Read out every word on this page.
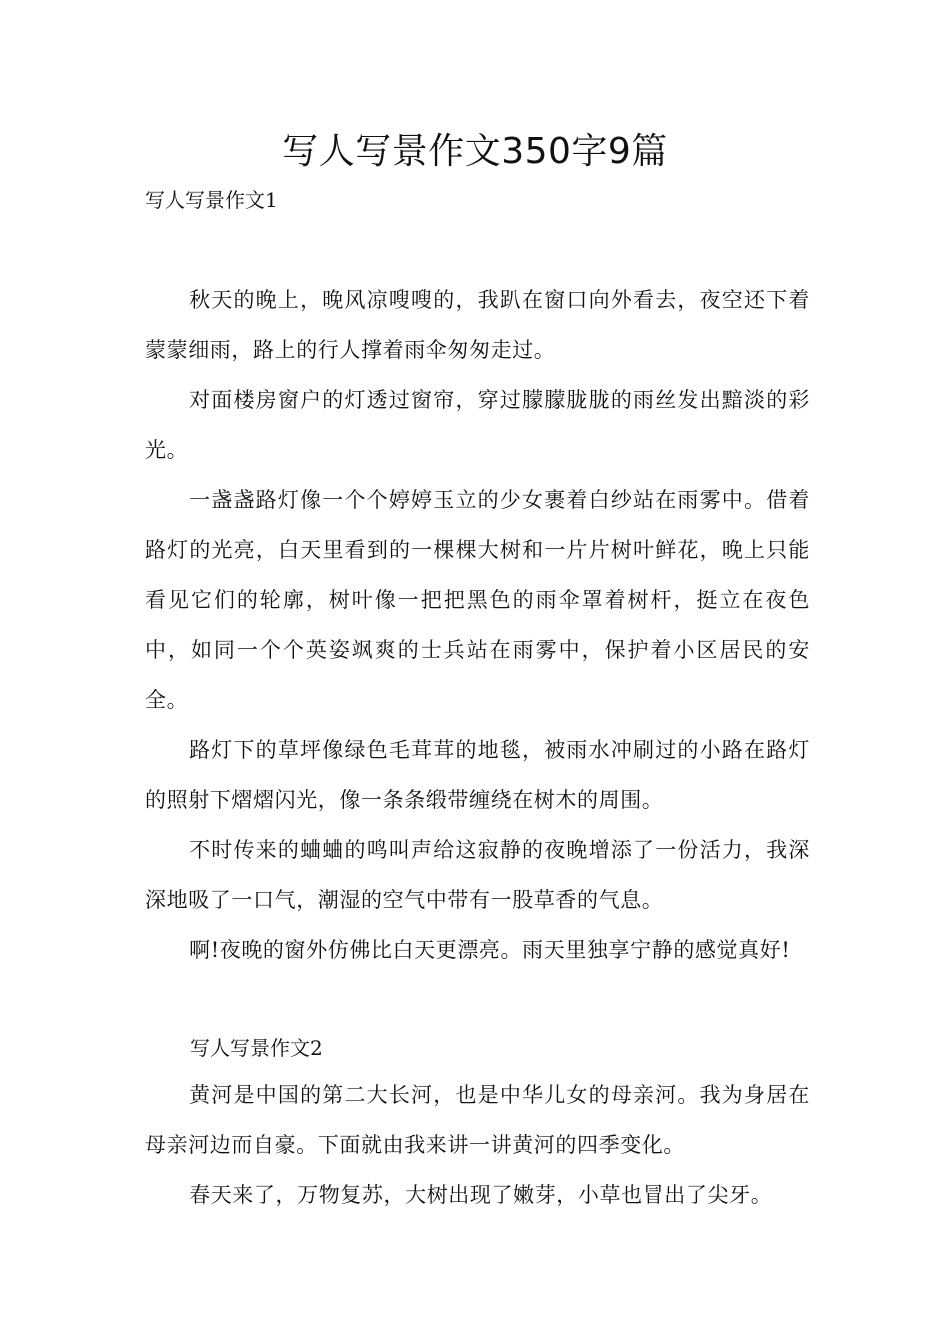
写人写景作文350字9篇
写人写景作文1

秋天的晚上，晚风凉嗖嗖的，我趴在窗口向外看去，夜空还下着蒙蒙细雨，路上的行人撑着雨伞匆匆走过。

对面楼房窗户的灯透过窗帘，穿过朦朦胧胧的雨丝发出黯淡的彩光。

一盏盏路灯像一个个婷婷玉立的少女裹着白纱站在雨雾中。借着路灯的光亮，白天里看到的一棵棵大树和一片片树叶鲜花，晚上只能看见它们的轮廓，树叶像一把把黑色的雨伞罩着树杆，挺立在夜色中，如同一个个英姿飒爽的士兵站在雨雾中，保护着小区居民的安全。

路灯下的草坪像绿色毛茸茸的地毯，被雨水冲刷过的小路在路灯的照射下熠熠闪光，像一条条缎带缠绕在树木的周围。

不时传来的蛐蛐的鸣叫声给这寂静的夜晚增添了一份活力，我深深地吸了一口气，潮湿的空气中带有一股草香的气息。

啊!夜晚的窗外仿佛比白天更漂亮。雨天里独享宁静的感觉真好!

写人写景作文2

黄河是中国的第二大长河，也是中华儿女的母亲河。我为身居在母亲河边而自豪。下面就由我来讲一讲黄河的四季变化。

春天来了，万物复苏，大树出现了嫩芽，小草也冒出了尖牙。
